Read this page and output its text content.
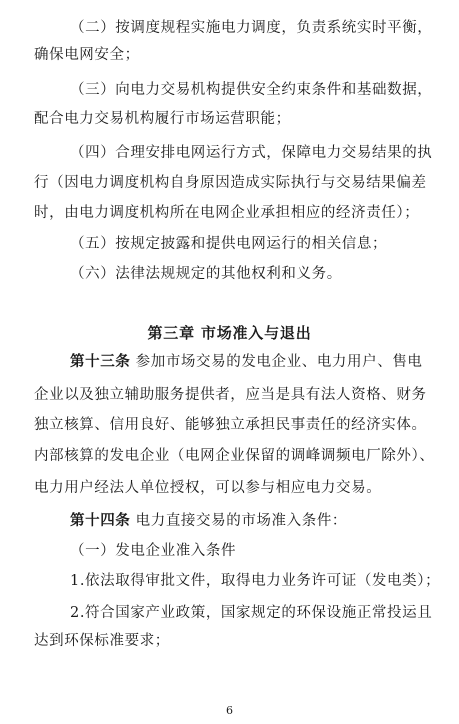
（二）按调度规程实施电力调度，负责系统实时平衡，
确保电网安全；
（三）向电力交易机构提供安全约束条件和基础数据，
配合电力交易机构履行市场运营职能；
（四）合理安排电网运行方式，保障电力交易结果的执
行（因电力调度机构自身原因造成实际执行与交易结果偏差
时，由电力调度机构所在电网企业承担相应的经济责任）；
（五）按规定披露和提供电网运行的相关信息；
（六）法律法规规定的其他权利和义务。
第三章 市场准入与退出
第十三条 参加市场交易的发电企业、电力用户、售电
企业以及独立辅助服务提供者，应当是具有法人资格、财务
独立核算、信用良好、能够独立承担民事责任的经济实体。
内部核算的发电企业（电网企业保留的调峰调频电厂除外）、
电力用户经法人单位授权，可以参与相应电力交易。
第十四条 电力直接交易的市场准入条件：
（一）发电企业准入条件
1.依法取得审批文件，取得电力业务许可证（发电类）；
2.符合国家产业政策，国家规定的环保设施正常投运且
达到环保标准要求；
6
